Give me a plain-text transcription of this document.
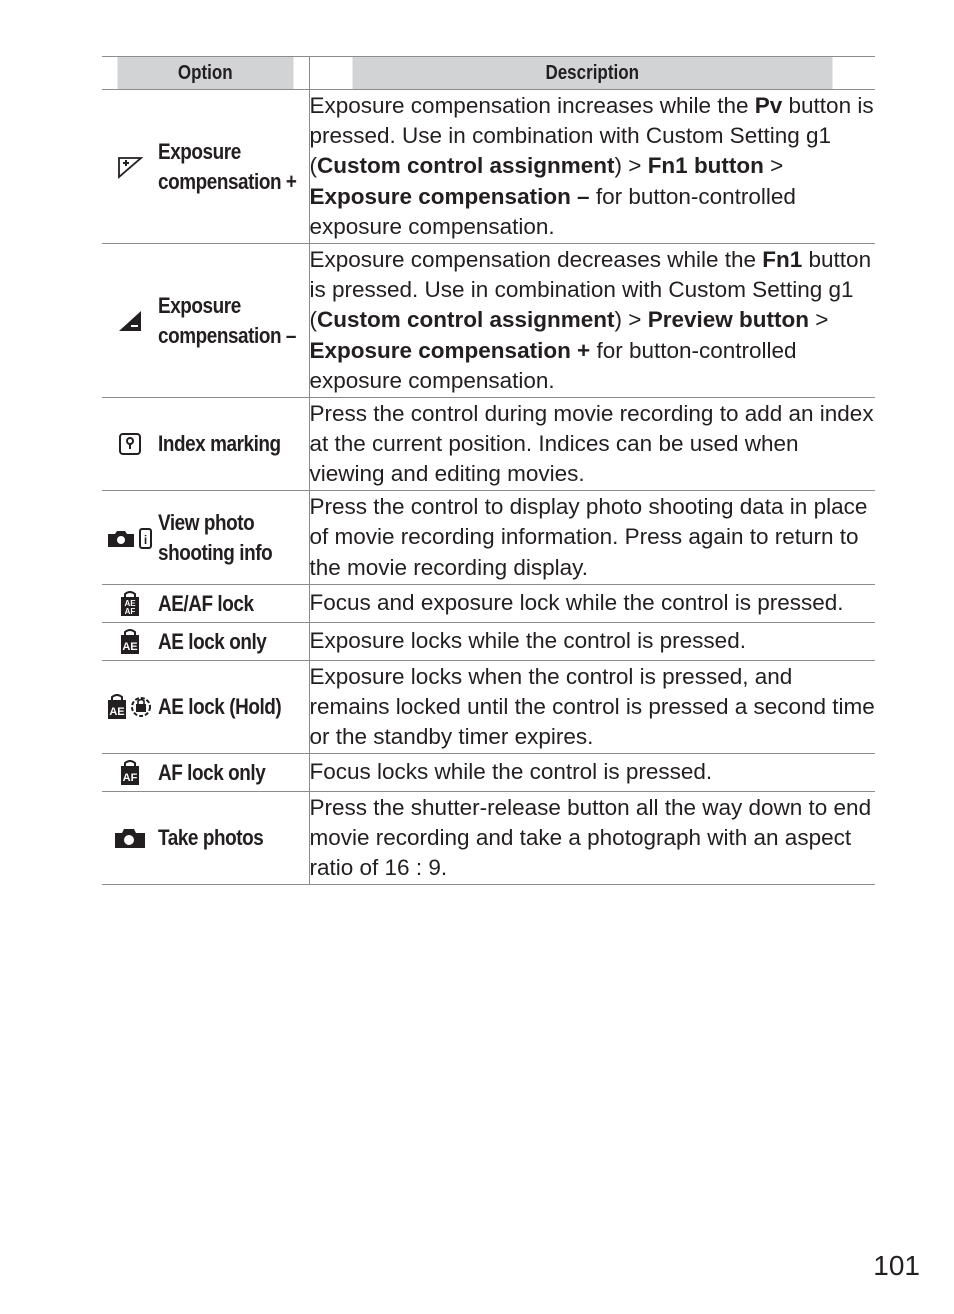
Option	Description

Exposure
compensation +	Exposure compensation increases while the Pv button is pressed. Use in combination with Custom Setting g1 (Custom control assignment) > Fn1 button > Exposure compensation – for button-controlled exposure compensation.

Exposure
compensation –	Exposure compensation decreases while the Fn1 button is pressed. Use in combination with Custom Setting g1 (Custom control assignment) > Preview button > Exposure compensation + for button-controlled exposure compensation.

Index marking	Press the control during movie recording to add an index at the current position. Indices can be used when viewing and editing movies.

i
View photo
shooting info	Press the control to display photo shooting data in place of movie recording information. Press again to return to the movie recording display.

AE
AF AE/AF lock	Focus and exposure lock while the control is pressed.

AE AE lock only	Exposure locks while the control is pressed.

AE AE lock (Hold)	Exposure locks when the control is pressed, and remains locked until the control is pressed a second time or the standby timer expires.

AF AF lock only	Focus locks while the control is pressed.

Take photos	Press the shutter-release button all the way down to end movie recording and take a photograph with an aspect ratio of 16 : 9.
101
